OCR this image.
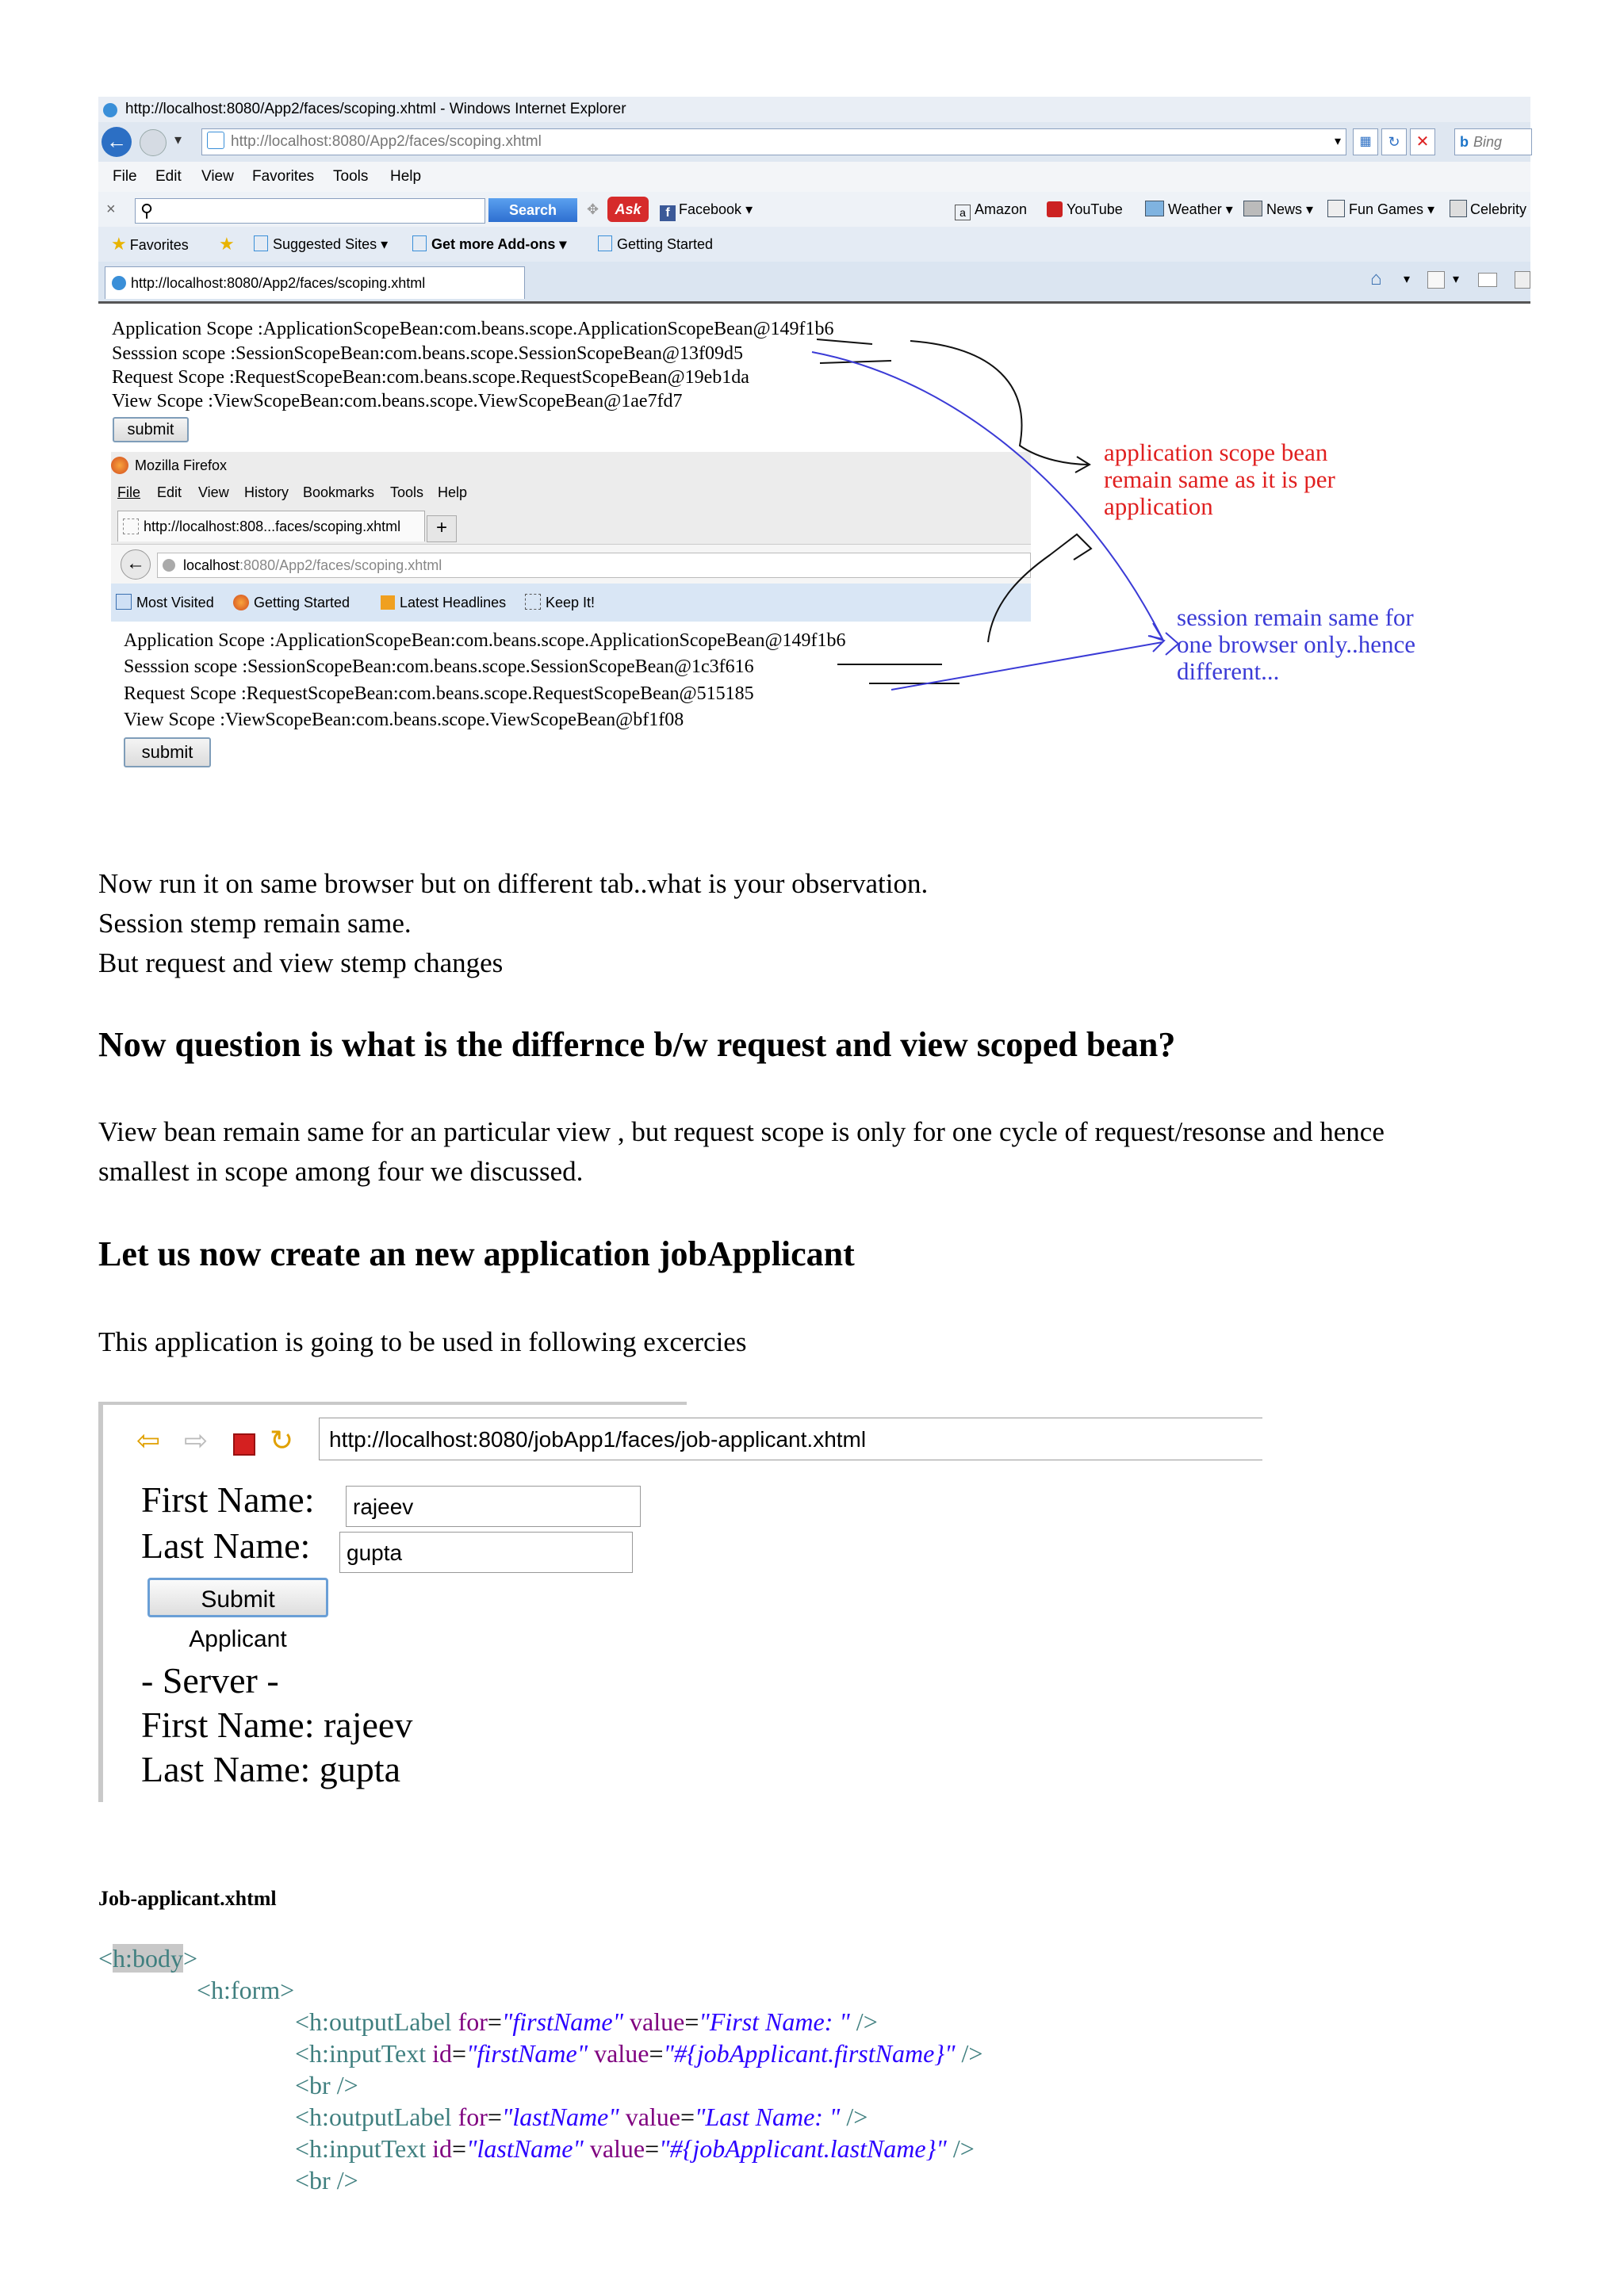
http://localhost:8080/App2/faces/scoping.xhtml - Windows Internet Explorer
←	▾	http://localhost:8080/App2/faces/scoping.xhtml	▾	▦	↻	✕	b Bing
File Edit View Favorites Tools Help
× ⚲	Search	✥	Ask	f Facebook ▾	a Amazon	YouTube	Weather ▾	News ▾	Fun Games ▾	Celebrity
★ Favorites ★	Suggested Sites ▾	Get more Add-ons ▾	Getting Started
http://localhost:8080/App2/faces/scoping.xhtml	⌂ ▾	▾
Application Scope :ApplicationScopeBean:com.beans.scope.ApplicationScopeBean@149f1b6
Sesssion scope :SessionScopeBean:com.beans.scope.SessionScopeBean@13f09d5
Request Scope :RequestScopeBean:com.beans.scope.RequestScopeBean@19eb1da
View Scope :ViewScopeBean:com.beans.scope.ViewScopeBean@1ae7fd7
submit
Mozilla Firefox
File Edit View History Bookmarks Tools Help
http://localhost:808...faces/scoping.xhtml	+
←	localhost:8080/App2/faces/scoping.xhtml
Most Visited	Getting Started	Latest Headlines	Keep It!
Application Scope :ApplicationScopeBean:com.beans.scope.ApplicationScopeBean@149f1b6
Sesssion scope :SessionScopeBean:com.beans.scope.SessionScopeBean@1c3f616
Request Scope :RequestScopeBean:com.beans.scope.RequestScopeBean@515185
View Scope :ViewScopeBean:com.beans.scope.ViewScopeBean@bf1f08
submit
application scope bean
remain same as it is per
application
session remain same for
one browser only..hence
different...
Now run it on same browser but on different tab..what is your observation.
Session stemp remain same.
But request and view stemp changes
Now question is what is the differnce b/w request and view scoped bean?
View bean remain same for an particular view , but request scope is only for one cycle of request/resonse and hence
smallest in scope among four we discussed.
Let us now create an new application jobApplicant
This application is going to be used in following excercies
⇦ ⇨ ↻	http://localhost:8080/jobApp1/faces/job-applicant.xhtml
First Name:	rajeev
Last Name:	gupta
Submit Applicant
- Server -
First Name: rajeev
Last Name: gupta
Job-applicant.xhtml
<h:body>
<h:form>
<h:outputLabel for="firstName" value="First Name: " />
<h:inputText id="firstName" value="#{jobApplicant.firstName}" />
<br />
<h:outputLabel for="lastName" value="Last Name: " />
<h:inputText id="lastName" value="#{jobApplicant.lastName}" />
<br />
